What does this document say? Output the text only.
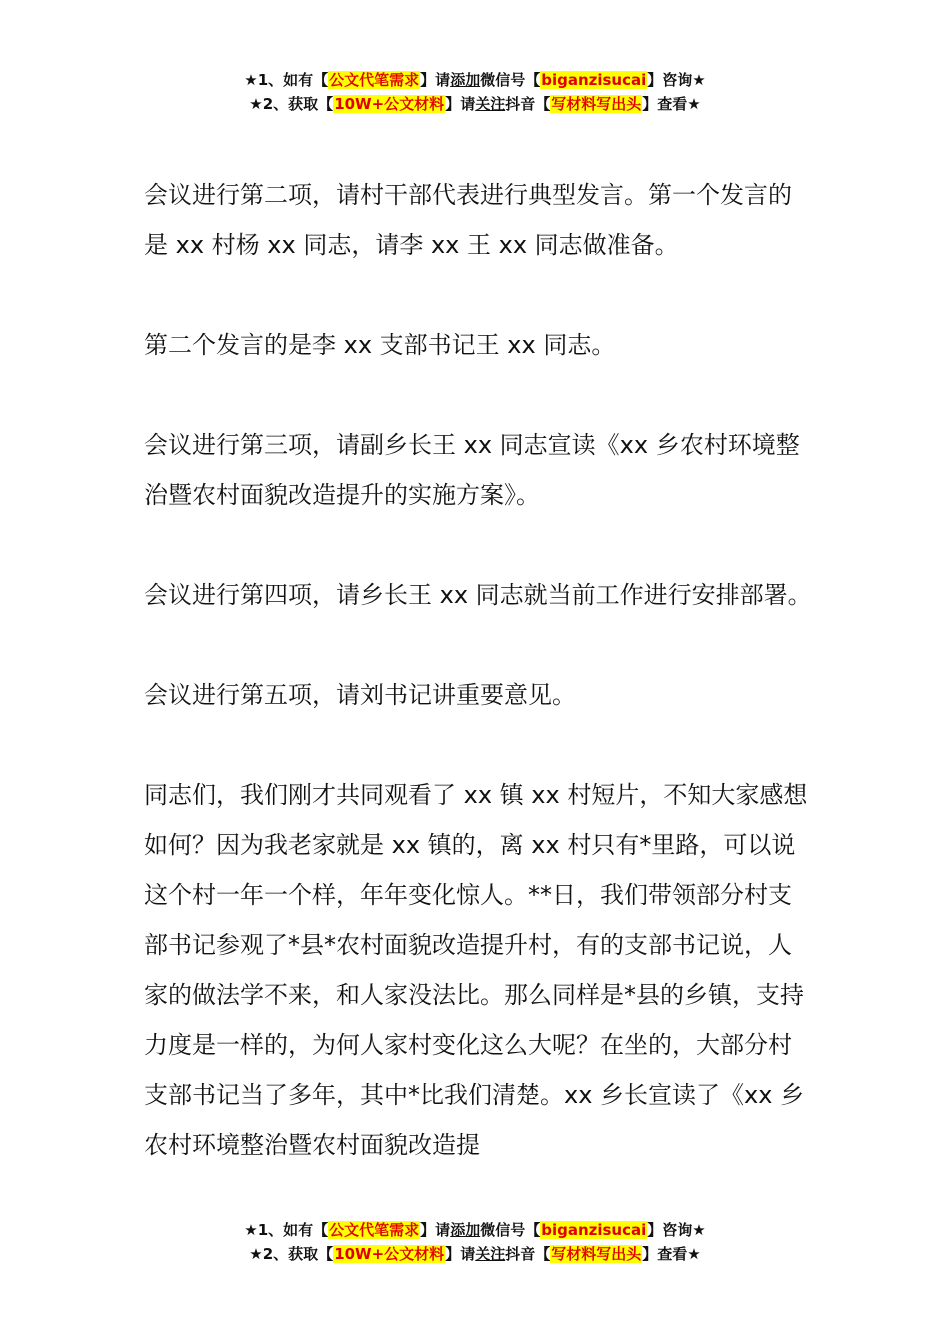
★1、如有【公文代笔需求】请添加微信号【biganzisucai】咨询★
★2、获取【10W+公文材料】请关注抖音【写材料写出头】查看★

会议进行第二项，请村干部代表进行典型发言。第一个发言的是 xx 村杨 xx 同志，请李 xx 王 xx 同志做准备。

第二个发言的是李 xx 支部书记王 xx 同志。

会议进行第三项，请副乡长王 xx 同志宣读《xx 乡农村环境整治暨农村面貌改造提升的实施方案》。

会议进行第四项，请乡长王 xx 同志就当前工作进行安排部署。

会议进行第五项，请刘书记讲重要意见。

同志们，我们刚才共同观看了 xx 镇 xx 村短片，不知大家感想如何？因为我老家就是 xx 镇的，离 xx 村只有*里路，可以说这个村一年一个样，年年变化惊人。**日，我们带领部分村支部书记参观了*县*农村面貌改造提升村，有的支部书记说，人家的做法学不来，和人家没法比。那么同样是*县的乡镇，支持力度是一样的，为何人家村变化这么大呢？在坐的，大部分村支部书记当了多年，其中*比我们清楚。xx 乡长宣读了《xx 乡农村环境整治暨农村面貌改造提

★1、如有【公文代笔需求】请添加微信号【biganzisucai】咨询★
★2、获取【10W+公文材料】请关注抖音【写材料写出头】查看★
